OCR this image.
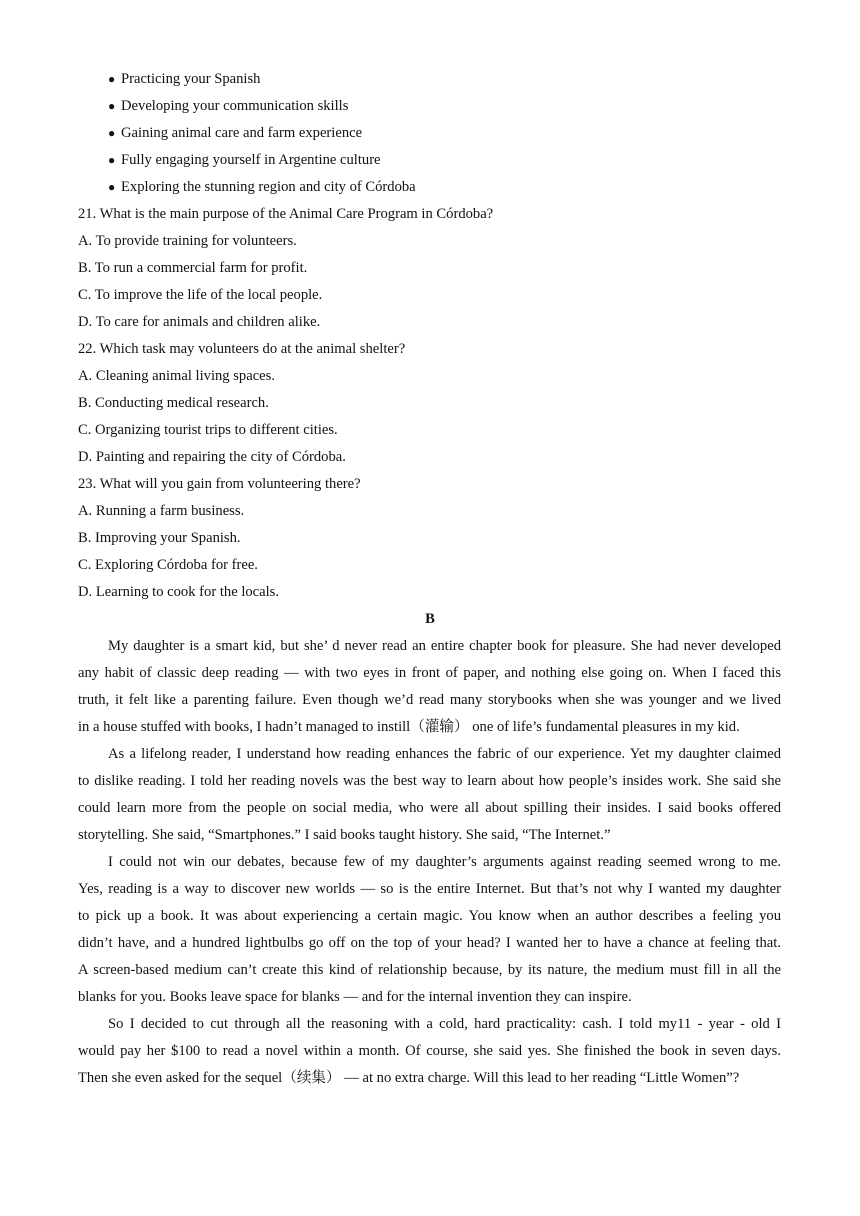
● Practicing your Spanish
● Developing your communication skills
● Gaining animal care and farm experience
● Fully engaging yourself in Argentine culture
● Exploring the stunning region and city of Córdoba
21. What is the main purpose of the Animal Care Program in Córdoba?
A. To provide training for volunteers.
B. To run a commercial farm for profit.
C. To improve the life of the local people.
D. To care for animals and children alike.
22. Which task may volunteers do at the animal shelter?
A. Cleaning animal living spaces.
B. Conducting medical research.
C. Organizing tourist trips to different cities.
D. Painting and repairing the city of Córdoba.
23. What will you gain from volunteering there?
A. Running a farm business.
B. Improving your Spanish.
C. Exploring Córdoba for free.
D. Learning to cook for the locals.
B
My daughter is a smart kid, but she’ d never read an entire chapter book for pleasure. She had never developed
any habit of classic deep reading — with two eyes in front of paper, and nothing else going on. When I faced this
truth, it felt like a parenting failure. Even though we’d read many storybooks when she was younger and we lived
in a house stuffed with books, I hadn’t managed to instill（灌输） one of life’s fundamental pleasures in my kid.
As a lifelong reader, I understand how reading enhances the fabric of our experience. Yet my daughter claimed
to dislike reading. I told her reading novels was the best way to learn about how people’s insides work. She said she
could learn more from the people on social media, who were all about spilling their insides. I said books offered
storytelling. She said, “Smartphones.” I said books taught history. She said, “The Internet.”
I could not win our debates, because few of my daughter’s arguments against reading seemed wrong to me.
Yes, reading is a way to discover new worlds — so is the entire Internet. But that’s not why I wanted my daughter
to pick up a book. It was about experiencing a certain magic. You know when an author describes a feeling you
didn’t have, and a hundred lightbulbs go off on the top of your head? I wanted her to have a chance at feeling that.
A screen-based medium can’t create this kind of relationship because, by its nature, the medium must fill in all the
blanks for you. Books leave space for blanks — and for the internal invention they can inspire.
So I decided to cut through all the reasoning with a cold, hard practicality: cash. I told my11 - year - old I
would pay her $100 to read a novel within a month. Of course, she said yes. She finished the book in seven days.
Then she even asked for the sequel（续集） — at no extra charge. Will this lead to her reading “Little Women”?
